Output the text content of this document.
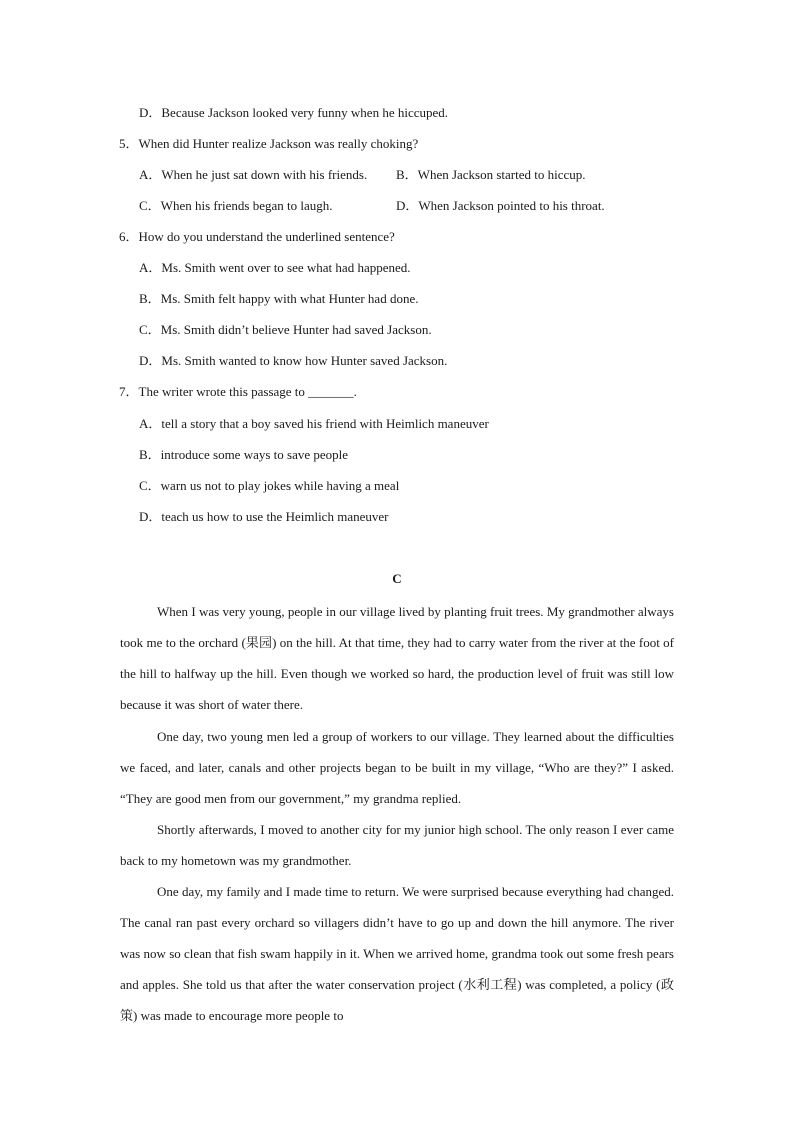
D．Because Jackson looked very funny when he hiccuped.
5．When did Hunter realize Jackson was really choking?
A．When he just sat down with his friends. B．When Jackson started to hiccup.
C．When his friends began to laugh.	D．When Jackson pointed to his throat.
6．How do you understand the underlined sentence?
A．Ms. Smith went over to see what had happened.
B．Ms. Smith felt happy with what Hunter had done.
C．Ms. Smith didn’t believe Hunter had saved Jackson.
D．Ms. Smith wanted to know how Hunter saved Jackson.
7．The writer wrote this passage to _______.
A．tell a story that a boy saved his friend with Heimlich maneuver
B．introduce some ways to save people
C．warn us not to play jokes while having a meal
D．teach us how to use the Heimlich maneuver
C

When I was very young, people in our village lived by planting fruit trees. My grandmother always took me to the orchard (果园) on the hill. At that time, they had to carry water from the river at the foot of the hill to halfway up the hill. Even though we worked so hard, the production level of fruit was still low because it was short of water there.

One day, two young men led a group of workers to our village. They learned about the difficulties we faced, and later, canals and other projects began to be built in my village, “Who are they?” I asked. “They are good men from our government,” my grandma replied.

Shortly afterwards, I moved to another city for my junior high school. The only reason I ever came back to my hometown was my grandmother.

One day, my family and I made time to return. We were surprised because everything had changed. The canal ran past every orchard so villagers didn’t have to go up and down the hill anymore. The river was now so clean that fish swam happily in it. When we arrived home, grandma took out some fresh pears and apples. She told us that after the water conservation project (水利工程) was completed, a policy (政策) was made to encourage more people to
